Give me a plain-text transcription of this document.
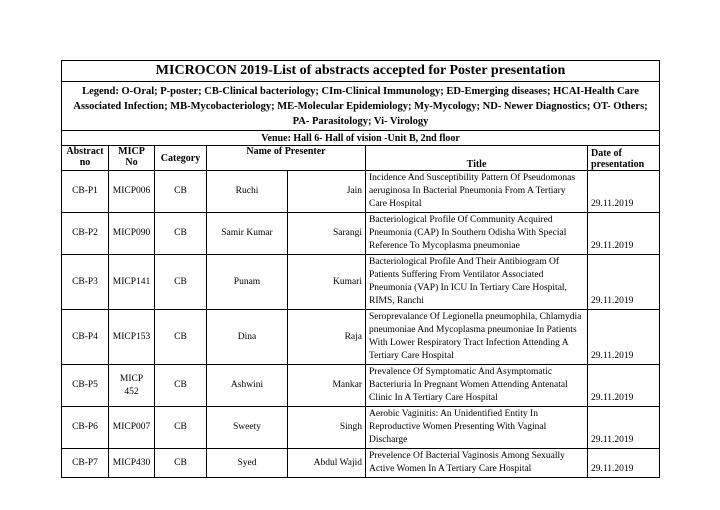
MICROCON 2019-List of abstracts accepted for Poster presentation						
Legend: O-Oral; P-poster; CB-Clinical bacteriology; CIm-Clinical Immunology; ED-Emerging diseases; HCAI-Health Care Associated Infection; MB-Mycobacteriology; ME-Molecular Epidemiology; My-Mycology; ND- Newer Diagnostics; OT- Others; PA- Parasitology; Vi- Virology						
Venue: Hall 6- Hall of vision -Unit B, 2nd floor						
Abstract no	MICP No	Category	Name of Presenter		Title	Date of presentation
CB-P1	MICP006	CB	Ruchi	Jain	Incidence And Susceptibility Pattern Of Pseudomonas aeruginosa In Bacterial Pneumonia From A Tertiary Care Hospital	29.11.2019
CB-P2	MICP090	CB	Samir Kumar	Sarangi	Bacteriological Profile Of Community Acquired Pneumonia (CAP) In Southern Odisha With Special Reference To Mycoplasma pneumoniae	29.11.2019
CB-P3	MICP141	CB	Punam	Kumari	Bacteriological Profile And Their Antibiogram Of Patients Suffering From Ventilator Associated Pneumonia (VAP) In ICU In Tertiary Care Hospital, RIMS, Ranchi	29.11.2019
CB-P4	MICP153	CB	Dina	Raja	Seroprevalance Of Legionella pneumophila, Chlamydia pneumoniae And Mycoplasma pneumoniae In Patients With Lower Respiratory Tract Infection Attending A Tertiary Care Hospital	29.11.2019
CB-P5	MICP 452	CB	Ashwini	Mankar	Prevalence Of Symptomatic And Asymptomatic Bacteriuria In Pregnant Women Attending Antenatal Clinic In A Tertiary Care Hospital	29.11.2019
CB-P6	MICP007	CB	Sweety	Singh	Aerobic Vaginitis: An Unidentified Entity In Reproductive Women Presenting With Vaginal Discharge	29.11.2019
CB-P7	MICP430	CB	Syed	Abdul Wajid	Prevelence Of Bacterial Vaginosis Among Sexually Active Women In A Tertiary Care Hospital	29.11.2019
